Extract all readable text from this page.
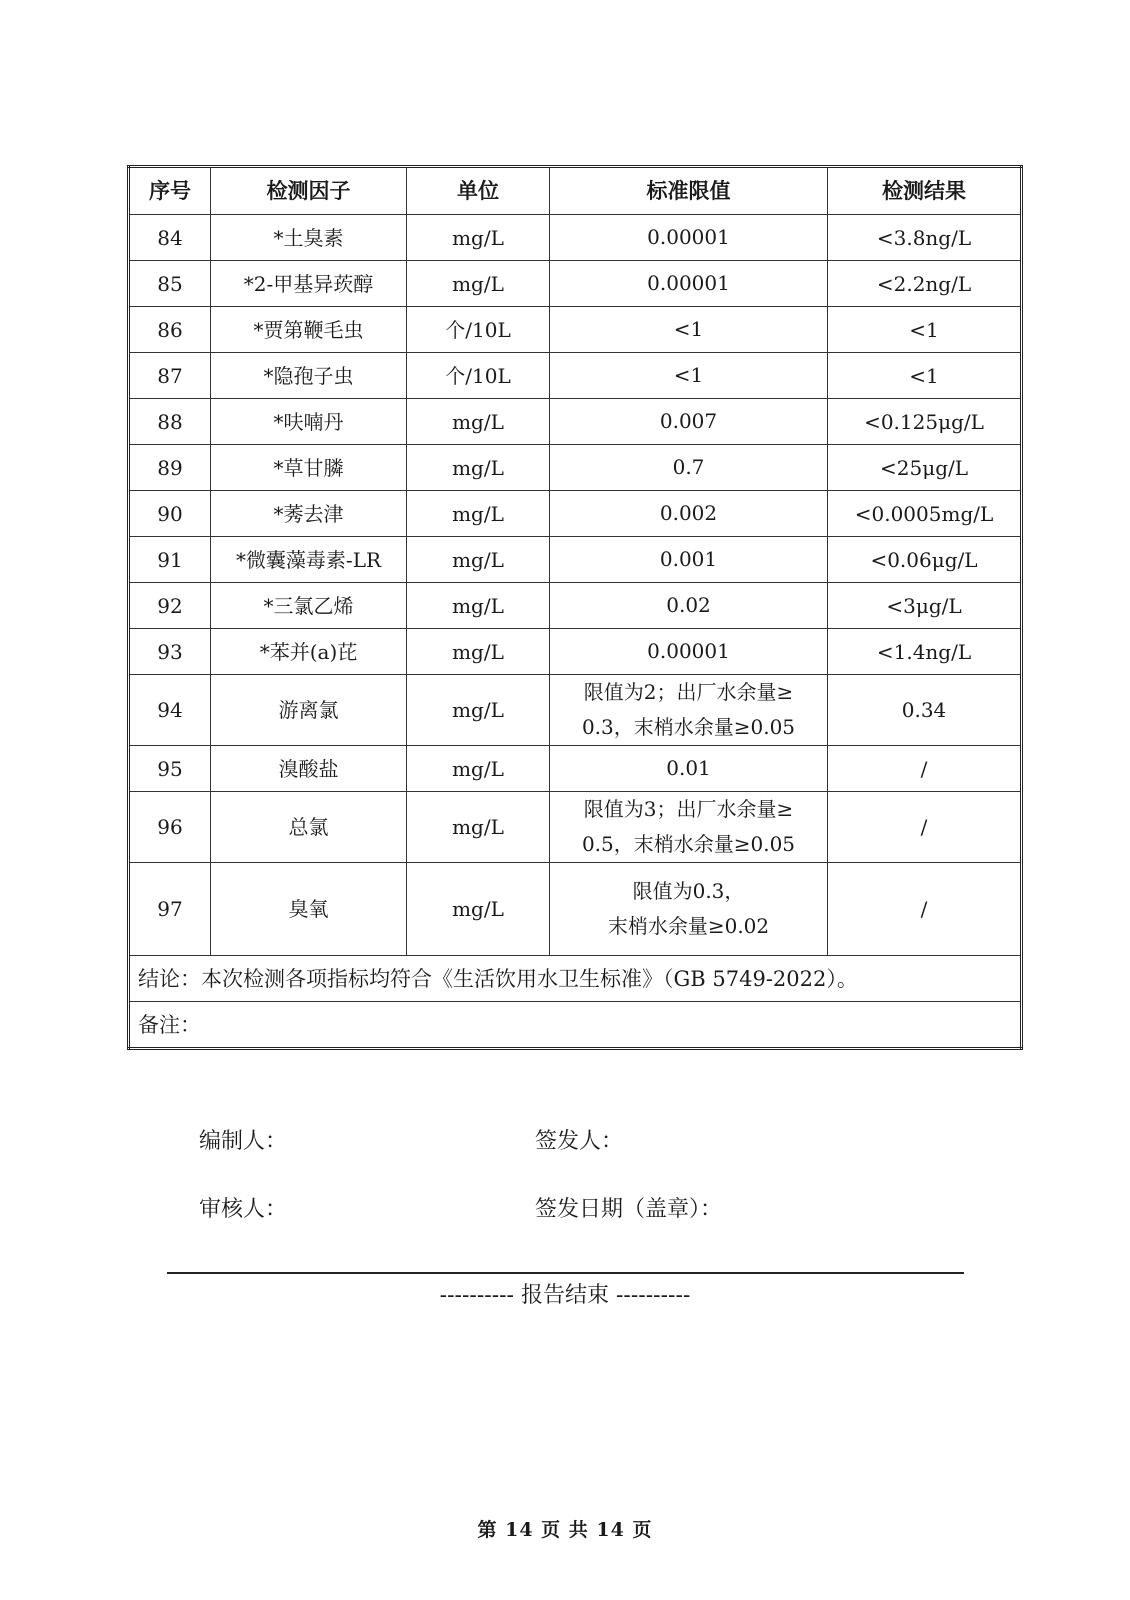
序号	检测因子	单位	标准限值	检测结果
84	*土臭素	mg/L	0.00001	<3.8ng/L
85	*2-甲基异莰醇	mg/L	0.00001	<2.2ng/L
86	*贾第鞭毛虫	个/10L	<1	<1
87	*隐孢子虫	个/10L	<1	<1
88	*呋喃丹	mg/L	0.007	<0.125μg/L
89	*草甘膦	mg/L	0.7	<25μg/L
90	*莠去津	mg/L	0.002	<0.0005mg/L
91	*微囊藻毒素-LR	mg/L	0.001	<0.06μg/L
92	*三氯乙烯	mg/L	0.02	<3μg/L
93	*苯并(a)芘	mg/L	0.00001	<1.4ng/L
94	游离氯	mg/L	限值为2；出厂水余量≥
0.3，末梢水余量≥0.05	0.34
95	溴酸盐	mg/L	0.01	/
96	总氯	mg/L	限值为3；出厂水余量≥
0.5，末梢水余量≥0.05	/
97	臭氧	mg/L	限值为0.3，
末梢水余量≥0.02	/
结论：本次检测各项指标均符合《生活饮用水卫生标准》（GB 5749-2022）。				
备注：				
编制人：	签发人：
审核人：	签发日期（盖章）：
---------- 报告结束 ----------
第 14 页 共 14 页
